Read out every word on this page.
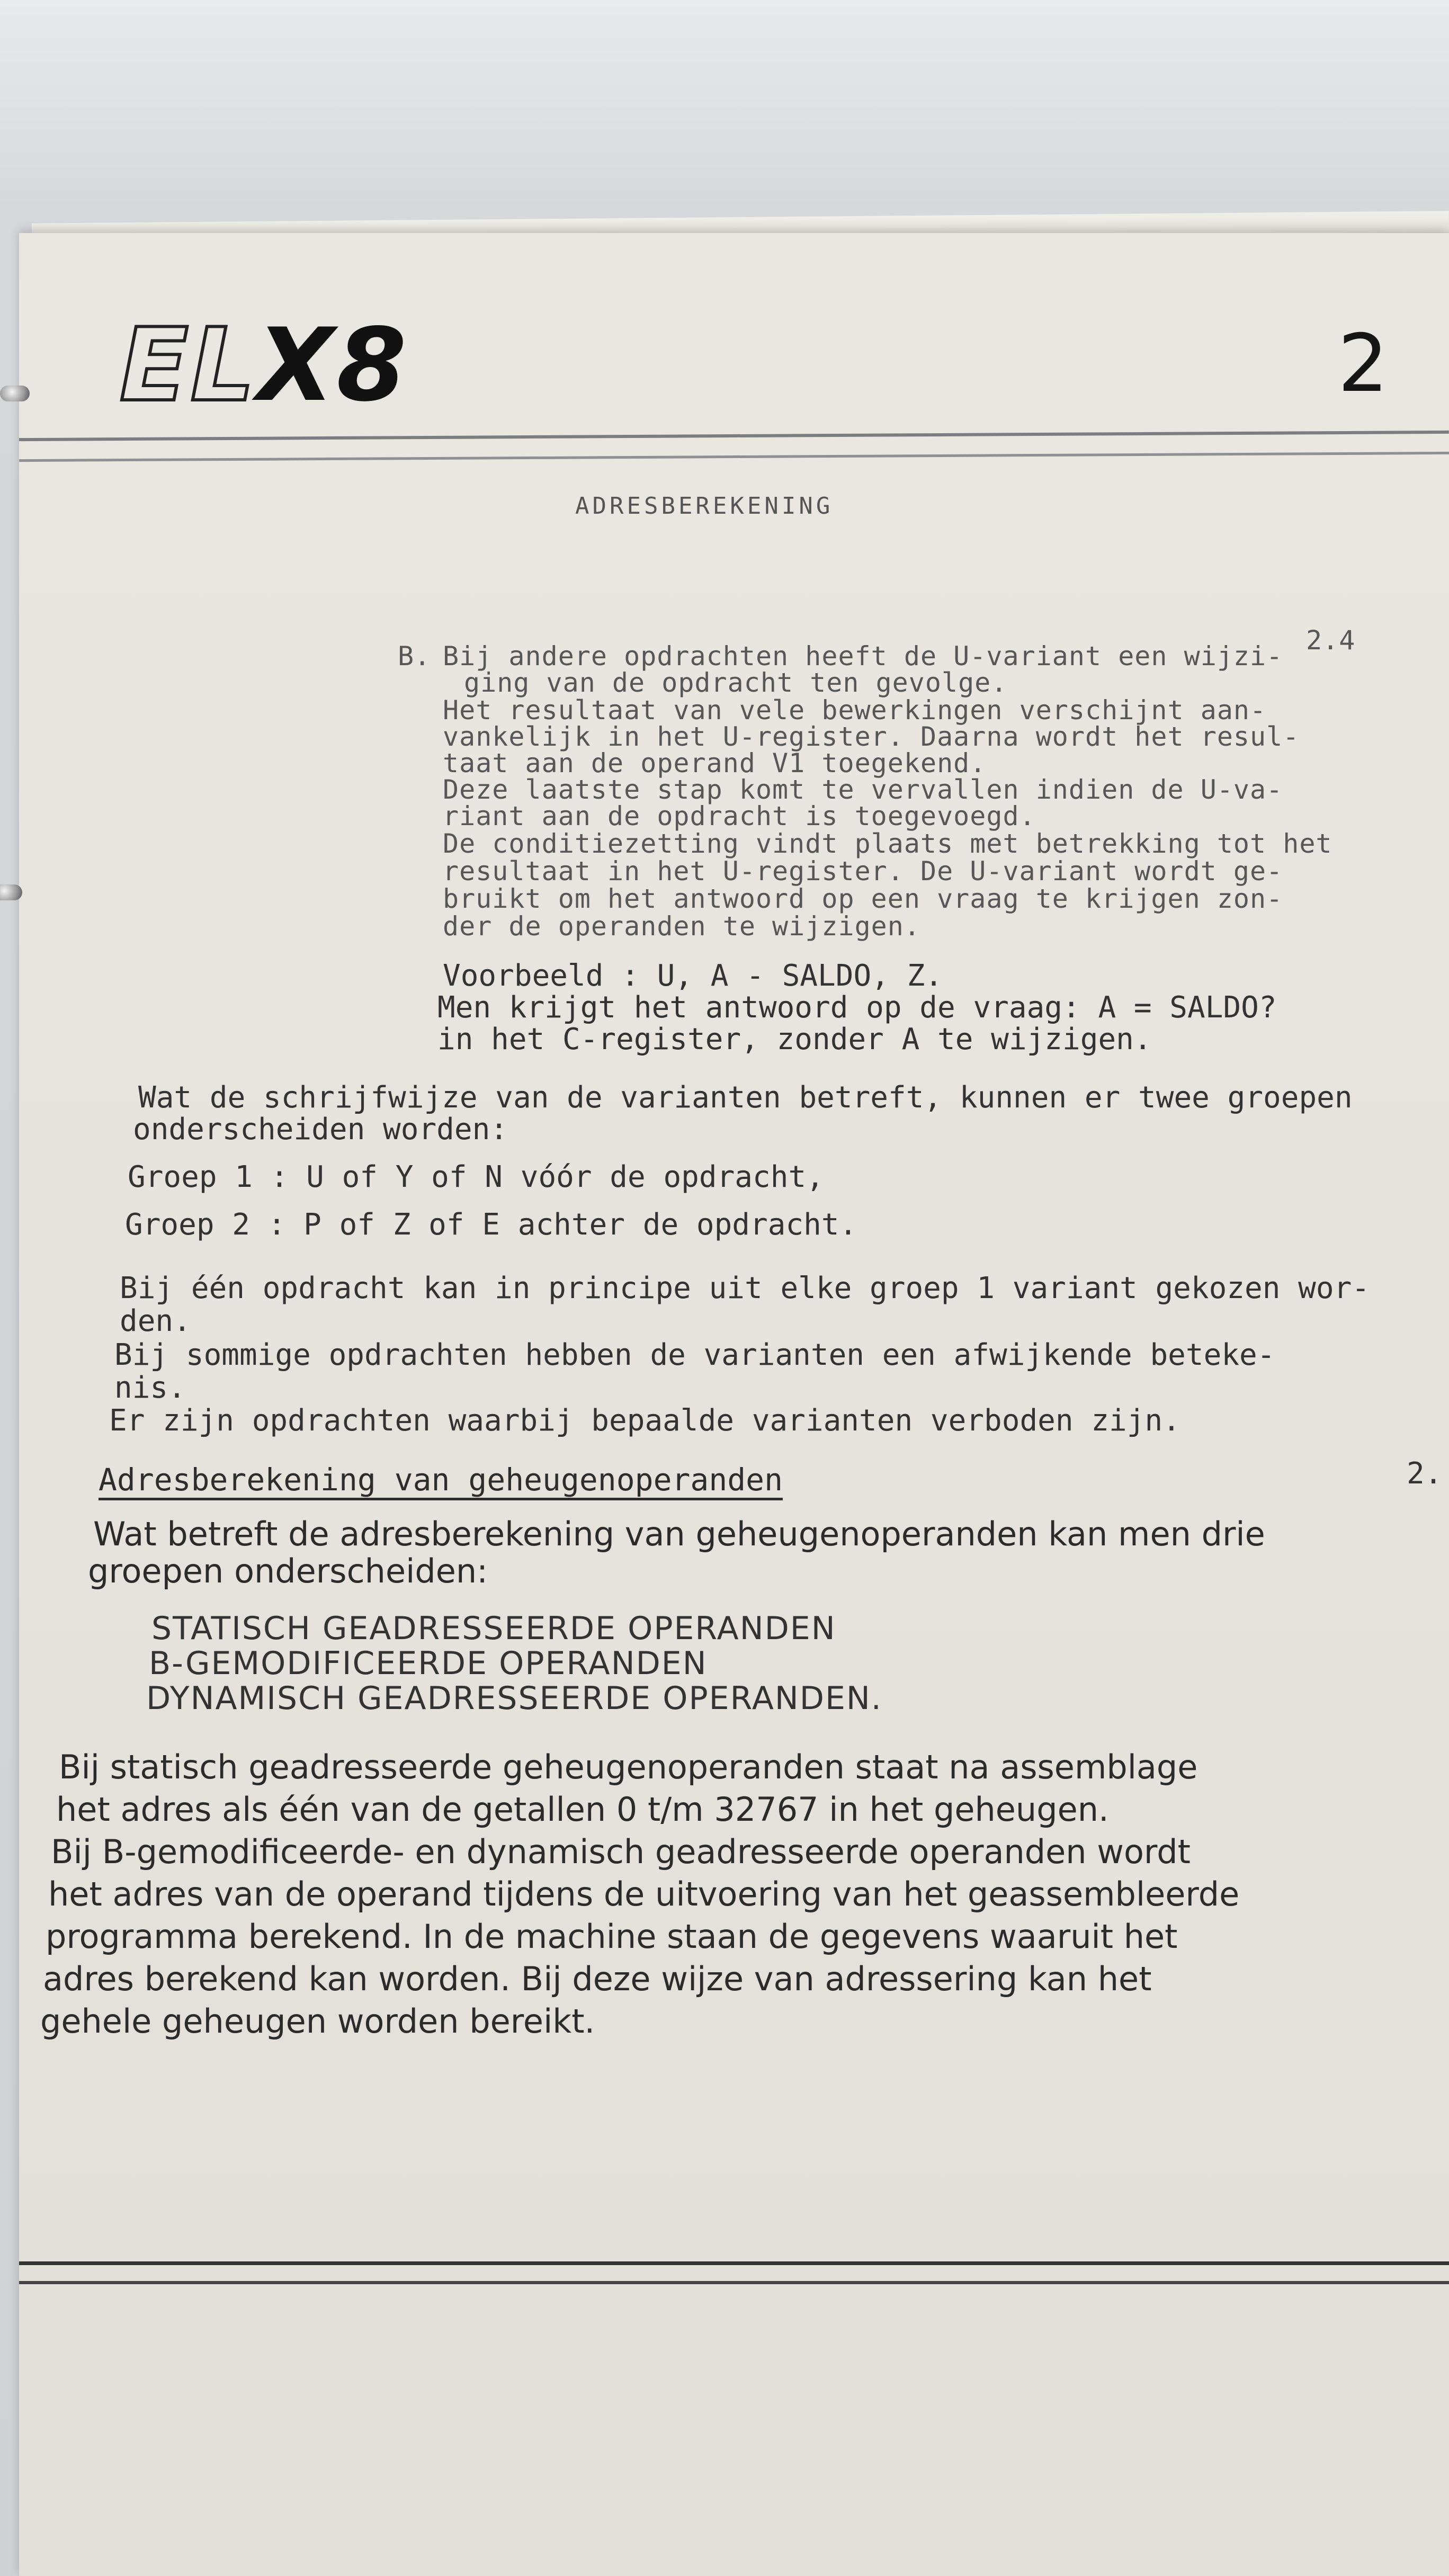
ELX8	2
ADRESBEREKENING
B.
2.4
Bij andere opdrachten heeft de U-variant een wijzi-
ging van de opdracht ten gevolge.
Het resultaat van vele bewerkingen verschijnt aan-
vankelijk in het U-register. Daarna wordt het resul-
taat aan de operand V1 toegekend.
Deze laatste stap komt te vervallen indien de U-va-
riant aan de opdracht is toegevoegd.
De conditiezetting vindt plaats met betrekking tot het
resultaat in het U-register. De U-variant wordt ge-
bruikt om het antwoord op een vraag te krijgen zon-
der de operanden te wijzigen.
Voorbeeld : U, A - SALDO, Z.
Men krijgt het antwoord op de vraag: A = SALDO?
in het C-register, zonder A te wijzigen.
Wat de schrijfwijze van de varianten betreft, kunnen er twee groepen
onderscheiden worden:
Groep 1 : U of Y of N vóór de opdracht,
Groep 2 : P of Z of E achter de opdracht.
Bij één opdracht kan in principe uit elke groep 1 variant gekozen wor-
den.
Bij sommige opdrachten hebben de varianten een afwijkende beteke-
nis.
Er zijn opdrachten waarbij bepaalde varianten verboden zijn.
Adresberekening van geheugenoperanden	2.
Wat betreft de adresberekening van geheugenoperanden kan men drie
groepen onderscheiden:
STATISCH GEADRESSEERDE OPERANDEN
B-GEMODIFICEERDE OPERANDEN
DYNAMISCH GEADRESSEERDE OPERANDEN.
Bij statisch geadresseerde geheugenoperanden staat na assemblage
het adres als één van de getallen 0 t/m 32767 in het geheugen.
Bij B-gemodificeerde- en dynamisch geadresseerde operanden wordt
het adres van de operand tijdens de uitvoering van het geassembleerde
programma berekend. In de machine staan de gegevens waaruit het
adres berekend kan worden. Bij deze wijze van adressering kan het
gehele geheugen worden bereikt.
